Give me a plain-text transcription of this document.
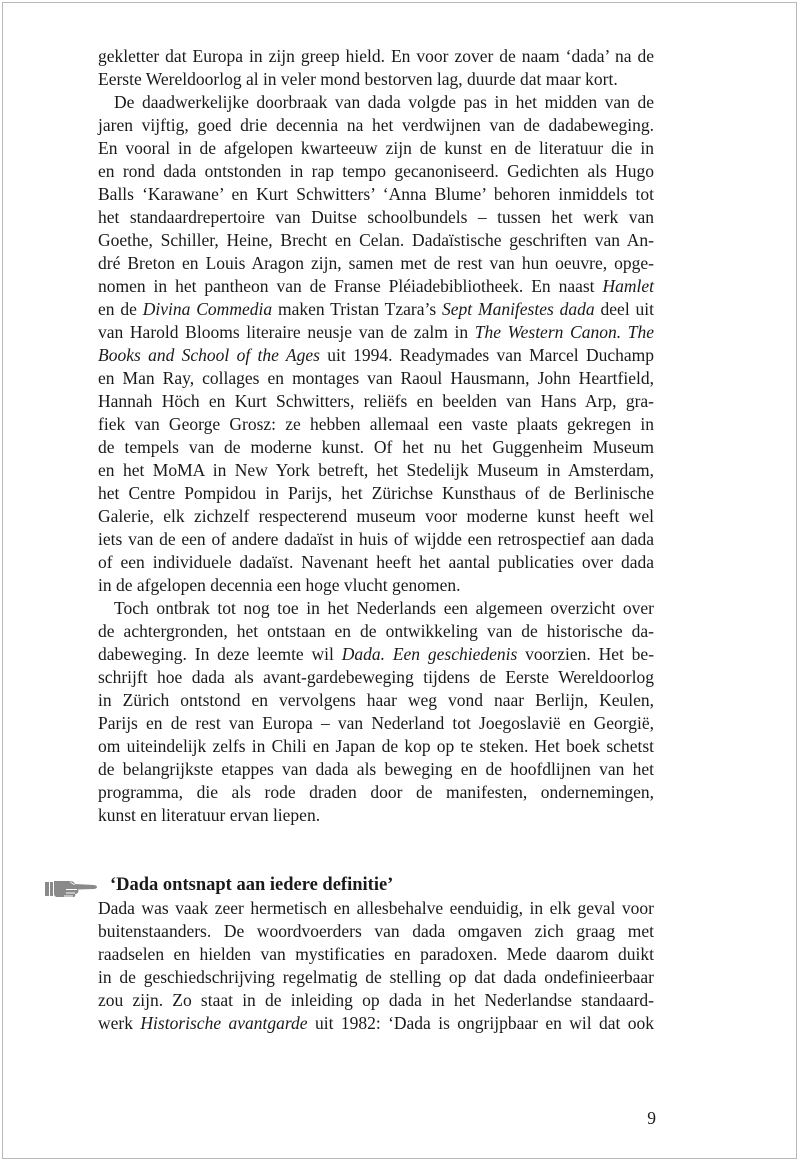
gekletter dat Europa in zijn greep hield. En voor zover de naam ‘dada’ na de
Eerste Wereldoorlog al in veler mond bestorven lag, duurde dat maar kort.
De daadwerkelijke doorbraak van dada volgde pas in het midden van de
jaren vijftig, goed drie decennia na het verdwijnen van de dadabeweging.
En vooral in de afgelopen kwarteeuw zijn de kunst en de literatuur die in
en rond dada ontstonden in rap tempo gecanoniseerd. Gedichten als Hugo
Balls ‘Karawane’ en Kurt Schwitters’ ‘Anna Blume’ behoren inmiddels tot
het standaardrepertoire van Duitse schoolbundels – tussen het werk van
Goethe, Schiller, Heine, Brecht en Celan. Dadaïstische geschriften van An-
dré Breton en Louis Aragon zijn, samen met de rest van hun oeuvre, opge-
nomen in het pantheon van de Franse Pléiadebibliotheek. En naast Hamlet
en de Divina Commedia maken Tristan Tzara’s Sept Manifestes dada deel uit
van Harold Blooms literaire neusje van de zalm in The Western Canon. The
Books and School of the Ages uit 1994. Readymades van Marcel Duchamp
en Man Ray, collages en montages van Raoul Hausmann, John Heartfield,
Hannah Höch en Kurt Schwitters, reliëfs en beelden van Hans Arp, gra-
fiek van George Grosz: ze hebben allemaal een vaste plaats gekregen in
de tempels van de moderne kunst. Of het nu het Guggenheim Museum
en het MoMA in New York betreft, het Stedelijk Museum in Amsterdam,
het Centre Pompidou in Parijs, het Zürichse Kunsthaus of de Berlinische
Galerie, elk zichzelf respecterend museum voor moderne kunst heeft wel
iets van de een of andere dadaïst in huis of wijdde een retrospectief aan dada
of een individuele dadaïst. Navenant heeft het aantal publicaties over dada
in de afgelopen decennia een hoge vlucht genomen.
Toch ontbrak tot nog toe in het Nederlands een algemeen overzicht over
de achtergronden, het ontstaan en de ontwikkeling van de historische da-
dabeweging. In deze leemte wil Dada. Een geschiedenis voorzien. Het be-
schrijft hoe dada als avant-gardebeweging tijdens de Eerste Wereldoorlog
in Zürich ontstond en vervolgens haar weg vond naar Berlijn, Keulen,
Parijs en de rest van Europa – van Nederland tot Joegoslavië en Georgië,
om uiteindelijk zelfs in Chili en Japan de kop op te steken. Het boek schetst
de belangrijkste etappes van dada als beweging en de hoofdlijnen van het
programma, die als rode draden door de manifesten, ondernemingen,
kunst en literatuur ervan liepen.
‘Dada ontsnapt aan iedere definitie’
Dada was vaak zeer hermetisch en allesbehalve eenduidig, in elk geval voor
buitenstaanders. De woordvoerders van dada omgaven zich graag met
raadselen en hielden van mystificaties en paradoxen. Mede daarom duikt
in de geschiedschrijving regelmatig de stelling op dat dada ondefinieerbaar
zou zijn. Zo staat in de inleiding op dada in het Nederlandse standaard-
werk Historische avantgarde uit 1982: ‘Dada is ongrijpbaar en wil dat ook
9
